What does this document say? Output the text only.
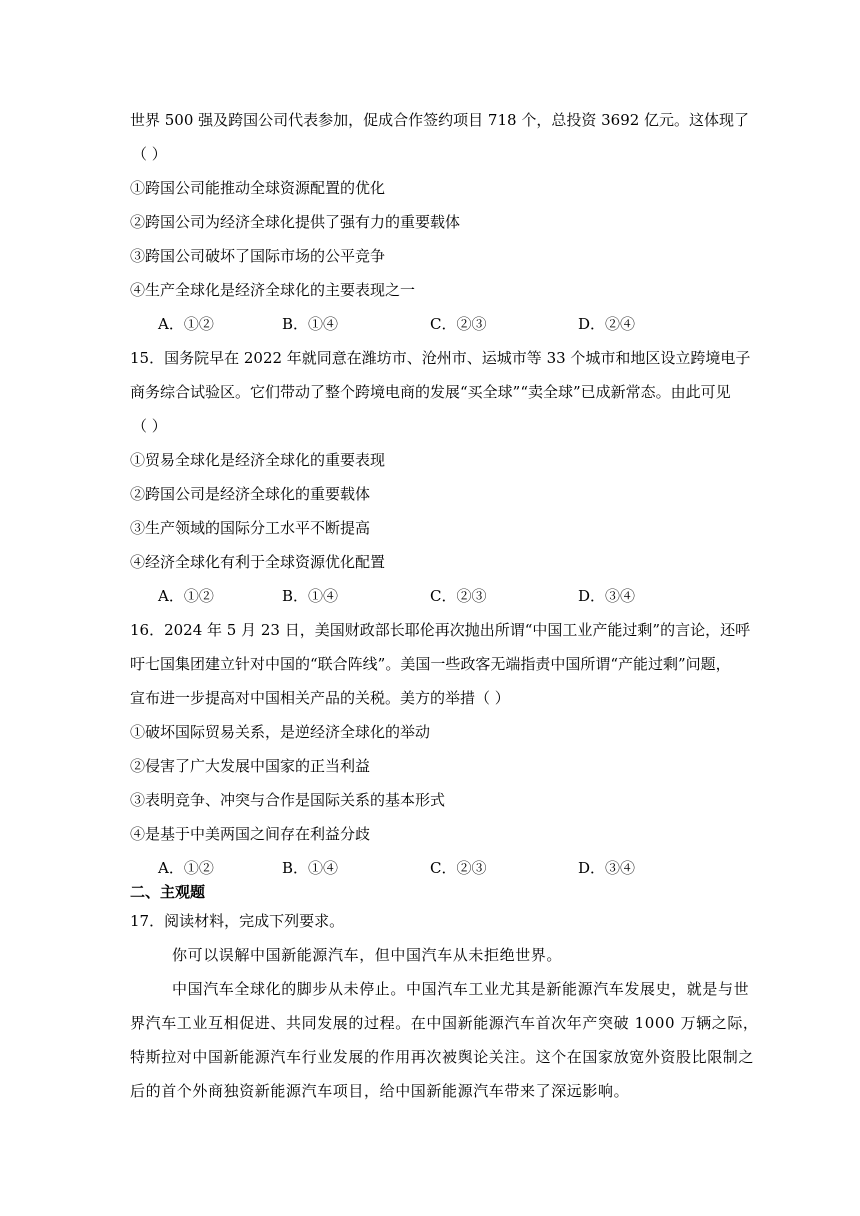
世界 500 强及跨国公司代表参加，促成合作签约项目 718 个，总投资 3692 亿元。这体现了
（ ）
①跨国公司能推动全球资源配置的优化
②跨国公司为经济全球化提供了强有力的重要载体
③跨国公司破坏了国际市场的公平竞争
④生产全球化是经济全球化的主要表现之一
A．①②	B．①④	C．②③	D．②④
15．国务院早在 2022 年就同意在潍坊市、沧州市、运城市等 33 个城市和地区设立跨境电子
商务综合试验区。它们带动了整个跨境电商的发展“买全球”“卖全球”已成新常态。由此可见
（ ）
①贸易全球化是经济全球化的重要表现
②跨国公司是经济全球化的重要载体
③生产领域的国际分工水平不断提高
④经济全球化有利于全球资源优化配置
A．①②	B．①④	C．②③	D．③④
16．2024 年 5 月 23 日，美国财政部长耶伦再次抛出所谓“中国工业产能过剩”的言论，还呼
吁七国集团建立针对中国的“联合阵线”。美国一些政客无端指责中国所谓“产能过剩”问题，
宣布进一步提高对中国相关产品的关税。美方的举措（ ）
①破坏国际贸易关系，是逆经济全球化的举动
②侵害了广大发展中国家的正当利益
③表明竞争、冲突与合作是国际关系的基本形式
④是基于中美两国之间存在利益分歧
A．①②	B．①④	C．②③	D．③④
二、主观题
17．阅读材料，完成下列要求。
你可以误解中国新能源汽车，但中国汽车从未拒绝世界。
中国汽车全球化的脚步从未停止。中国汽车工业尤其是新能源汽车发展史，就是与世
界汽车工业互相促进、共同发展的过程。在中国新能源汽车首次年产突破 1000 万辆之际，
特斯拉对中国新能源汽车行业发展的作用再次被舆论关注。这个在国家放宽外资股比限制之
后的首个外商独资新能源汽车项目，给中国新能源汽车带来了深远影响。
